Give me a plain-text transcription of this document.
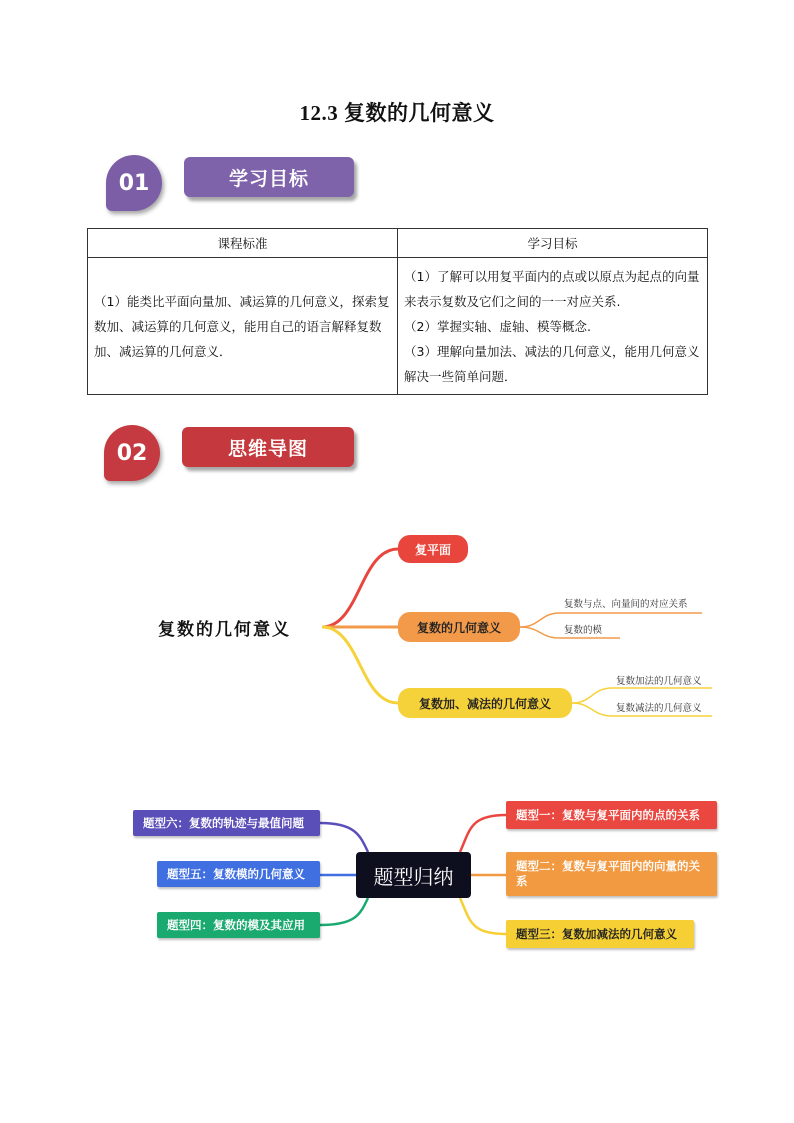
12.3 复数的几何意义
01	学习目标
课程标准	学习目标
（1）能类比平面向量加、减运算的几何意义，探索复数加、减运算的几何意义，能用自己的语言解释复数加、减运算的几何意义．	（1）了解可以用复平面内的点或以原点为起点的向量来表示复数及它们之间的一一对应关系.
（2）掌握实轴、虚轴、模等概念.
（3）理解向量加法、减法的几何意义，能用几何意义解决一些简单问题．
02	思维导图
复数的几何意义
复平面
复数的几何意义
复数加、减法的几何意义
复数与点、向量间的对应关系
复数的模
复数加法的几何意义
复数减法的几何意义
题型归纳
题型一：复数与复平面内的点的关系
题型二：复数与复平面内的向量的关系
题型三：复数加减法的几何意义
题型六：复数的轨迹与最值问题
题型五：复数模的几何意义
题型四：复数的模及其应用
